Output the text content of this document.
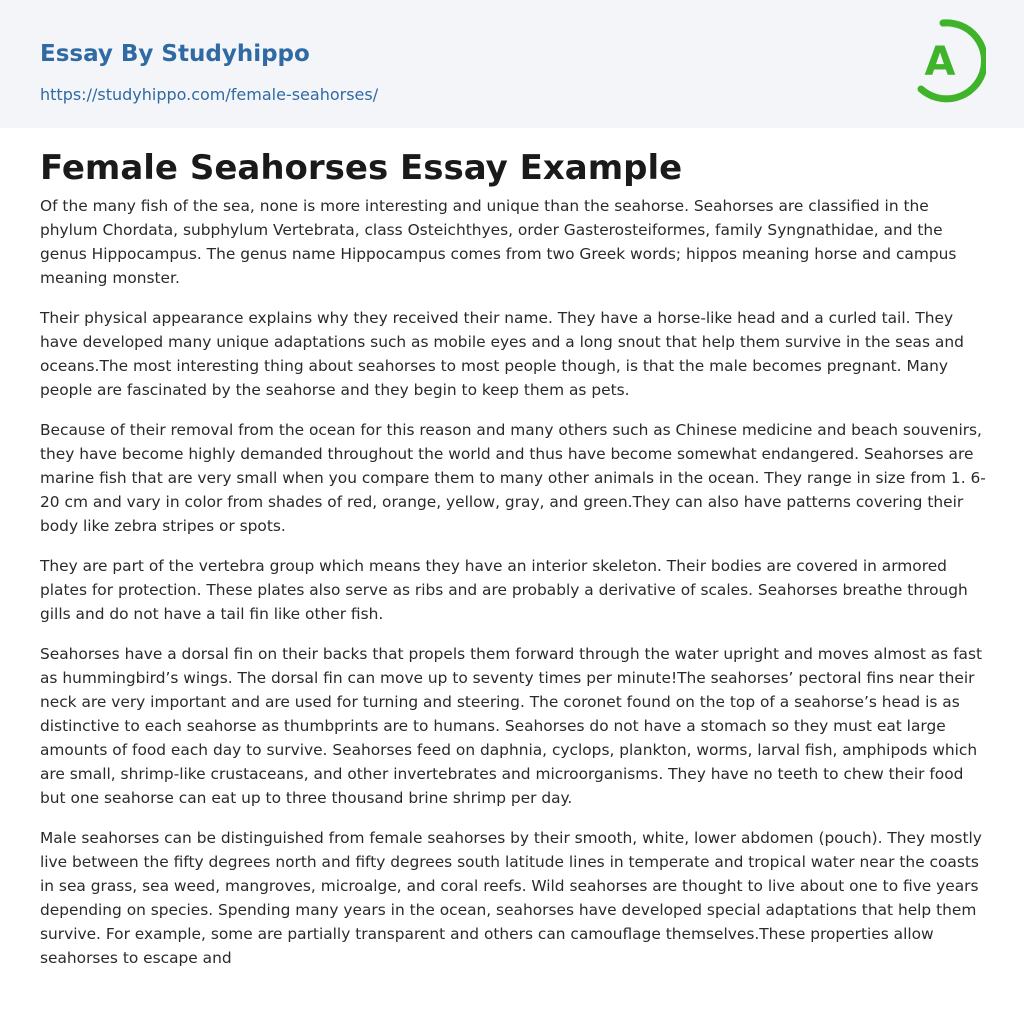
Essay By Studyhippo
https://studyhippo.com/female-seahorses/
A
Female Seahorses Essay Example

Of the many fish of the sea, none is more interesting and unique than the seahorse. Seahorses are classified in the phylum Chordata, subphylum Vertebrata, class Osteichthyes, order Gasterosteiformes, family Syngnathidae, and the genus Hippocampus. The genus name Hippocampus comes from two Greek words; hippos meaning horse and campus meaning monster.

Their physical appearance explains why they received their name. They have a horse-like head and a curled tail. They have developed many unique adaptations such as mobile eyes and a long snout that help them survive in the seas and oceans.The most interesting thing about seahorses to most people though, is that the male becomes pregnant. Many people are fascinated by the seahorse and they begin to keep them as pets.

Because of their removal from the ocean for this reason and many others such as Chinese medicine and beach souvenirs, they have become highly demanded throughout the world and thus have become somewhat endangered. Seahorses are marine fish that are very small when you compare them to many other animals in the ocean. They range in size from 1. 6-20 cm and vary in color from shades of red, orange, yellow, gray, and green.They can also have patterns covering their body like zebra stripes or spots.

They are part of the vertebra group which means they have an interior skeleton. Their bodies are covered in armored plates for protection. These plates also serve as ribs and are probably a derivative of scales. Seahorses breathe through gills and do not have a tail fin like other fish.

Seahorses have a dorsal fin on their backs that propels them forward through the water upright and moves almost as fast as hummingbird’s wings. The dorsal fin can move up to seventy times per minute!The seahorses’ pectoral fins near their neck are very important and are used for turning and steering. The coronet found on the top of a seahorse’s head is as distinctive to each seahorse as thumbprints are to humans. Seahorses do not have a stomach so they must eat large amounts of food each day to survive. Seahorses feed on daphnia, cyclops, plankton, worms, larval fish, amphipods which are small, shrimp-like crustaceans, and other invertebrates and microorganisms. They have no teeth to chew their food but one seahorse can eat up to three thousand brine shrimp per day.

Male seahorses can be distinguished from female seahorses by their smooth, white, lower abdomen (pouch). They mostly live between the fifty degrees north and fifty degrees south latitude lines in temperate and tropical water near the coasts in sea grass, sea weed, mangroves, microalge, and coral reefs. Wild seahorses are thought to live about one to five years depending on species. Spending many years in the ocean, seahorses have developed special adaptations that help them survive. For example, some are partially transparent and others can camouflage themselves.These properties allow seahorses to escape and
